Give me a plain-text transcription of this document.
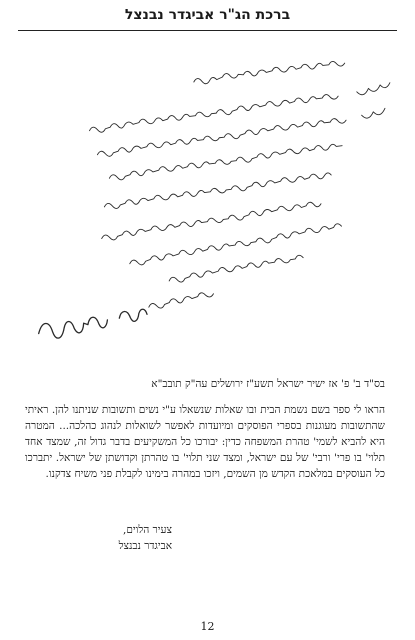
ברכת הג"ר אביגדר נבנצל

בס"ד ב' פ' אז ישיר ישראל תשע"ז ירושלים עה"ק תובב"א

הראו לי ספר בשם נשמת הבית ובו שאלות שנשאלו ע"י נשים ותשובות שניתנו להן. ראיתי שהתשובות מעוגנות בספרי הפוסקים ומיועדות לאפשר לשואלות לנהוג כהלכה... המטרה היא להביא לשמי' טהרת המשפחה כדין: יבורכו כל המשקיעים בדבר גדול זה, שמצד אחד תלוי' בו פרי' ורבי' של עם ישראל, ומצד שני תלוי' בו טהרתן וקדושתן של ישראל. יתברכו כל העוסקים במלאכת הקדש מן השמים, ויזכו במהרה בימינו לקבלת פני משיח צדקנו.

צעיר הלוים,
אביגדר נבנצל
12
